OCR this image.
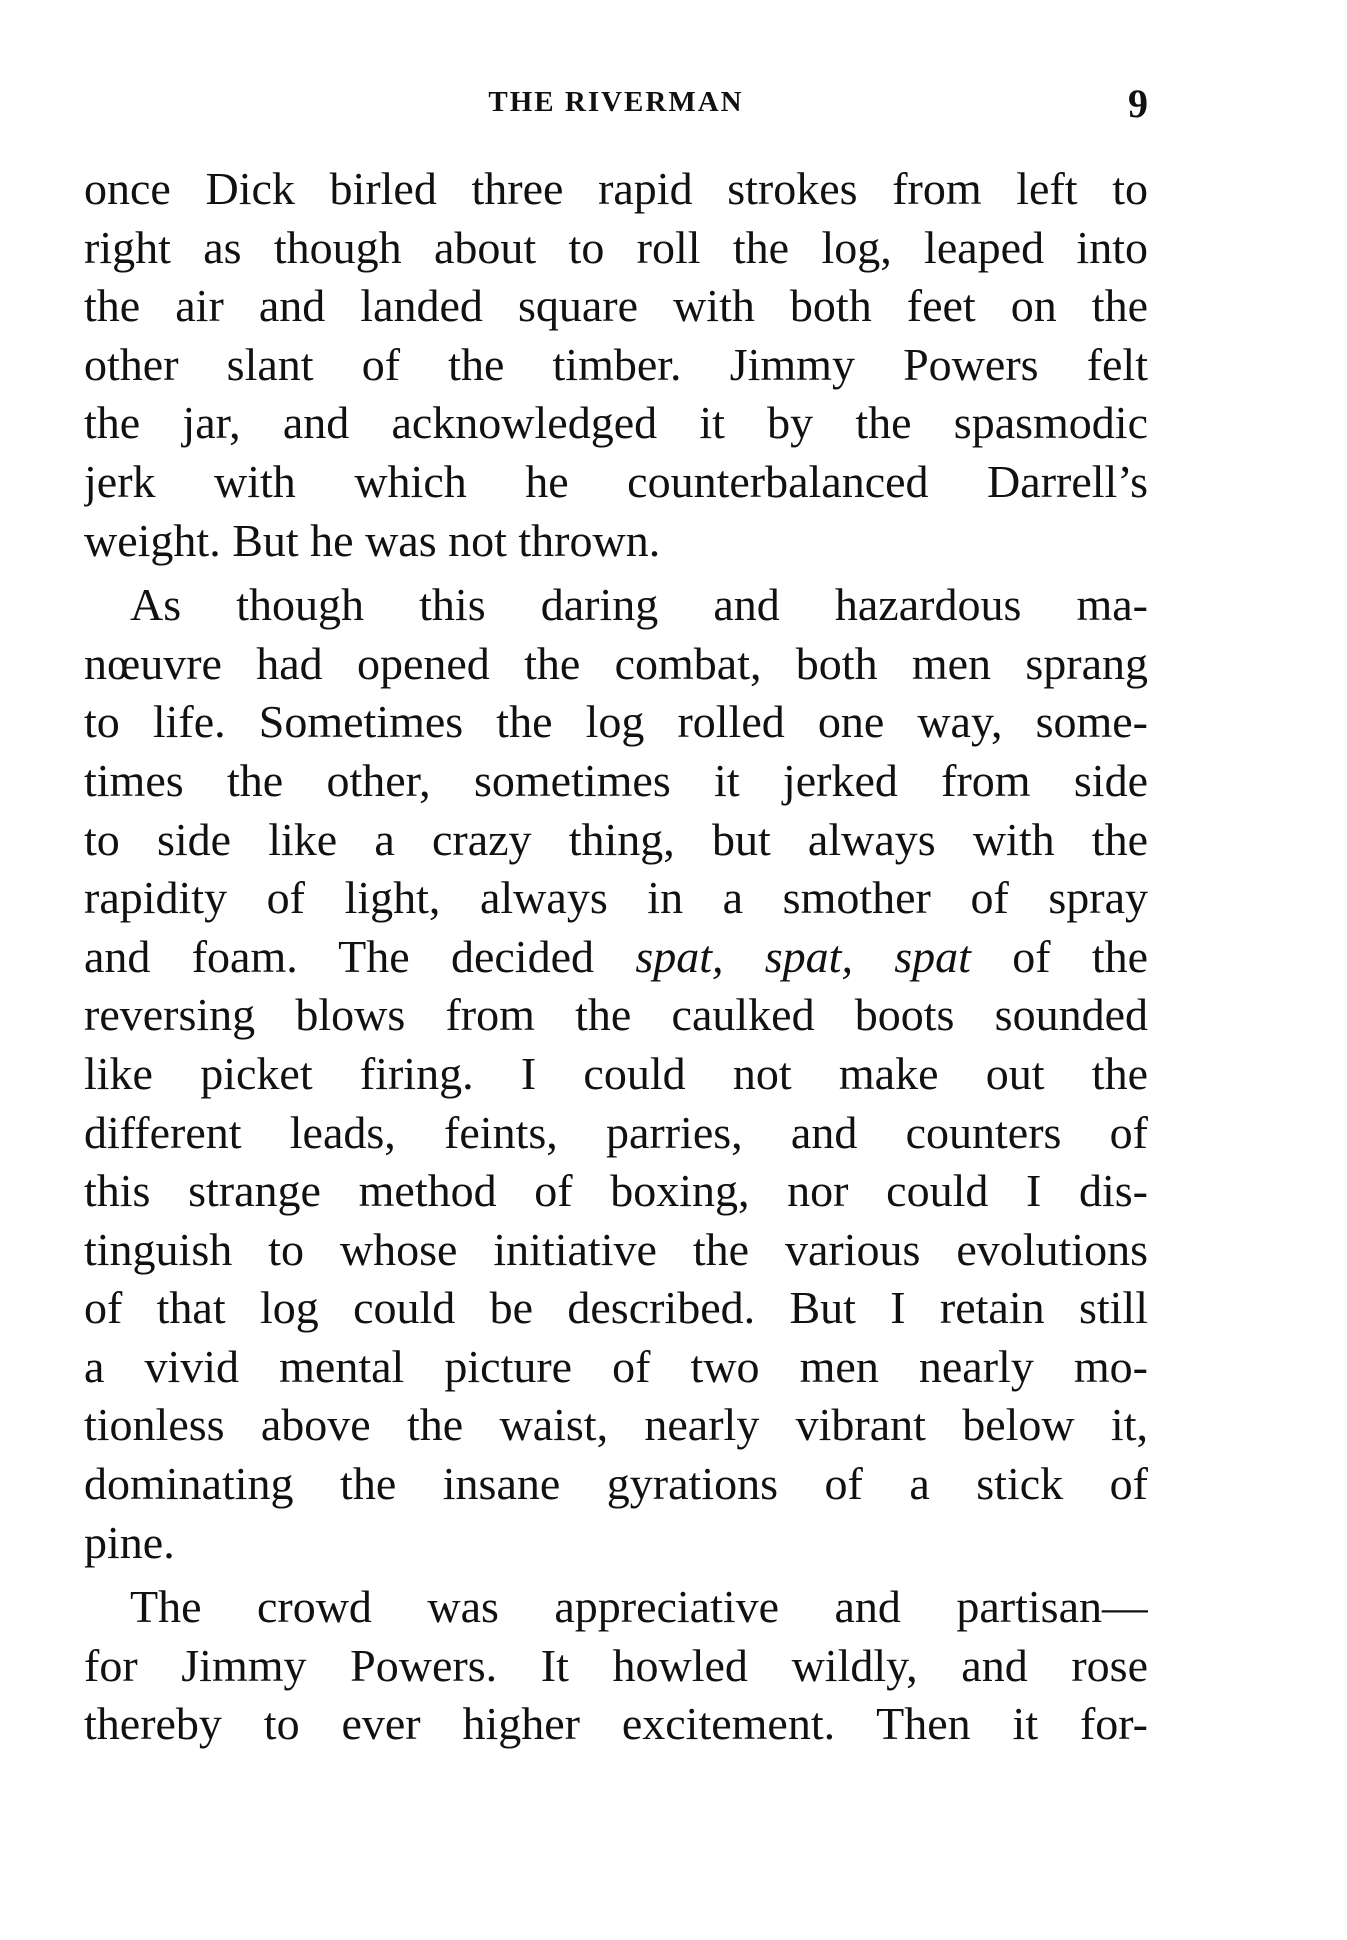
THE RIVERMAN	9
once Dick birled three rapid strokes from left to
right as though about to roll the log, leaped into
the air and landed square with both feet on the
other slant of the timber. Jimmy Powers felt
the jar, and acknowledged it by the spasmodic
jerk with which he counterbalanced Darrell’s
weight. But he was not thrown.
As though this daring and hazardous ma-
nœuvre had opened the combat, both men sprang
to life. Sometimes the log rolled one way, some-
times the other, sometimes it jerked from side
to side like a crazy thing, but always with the
rapidity of light, always in a smother of spray
and foam. The decided spat, spat, spat of the
reversing blows from the caulked boots sounded
like picket firing. I could not make out the
different leads, feints, parries, and counters of
this strange method of boxing, nor could I dis-
tinguish to whose initiative the various evolutions
of that log could be described. But I retain still
a vivid mental picture of two men nearly mo-
tionless above the waist, nearly vibrant below it,
dominating the insane gyrations of a stick of
pine.
The crowd was appreciative and partisan—
for Jimmy Powers. It howled wildly, and rose
thereby to ever higher excitement. Then it for-
